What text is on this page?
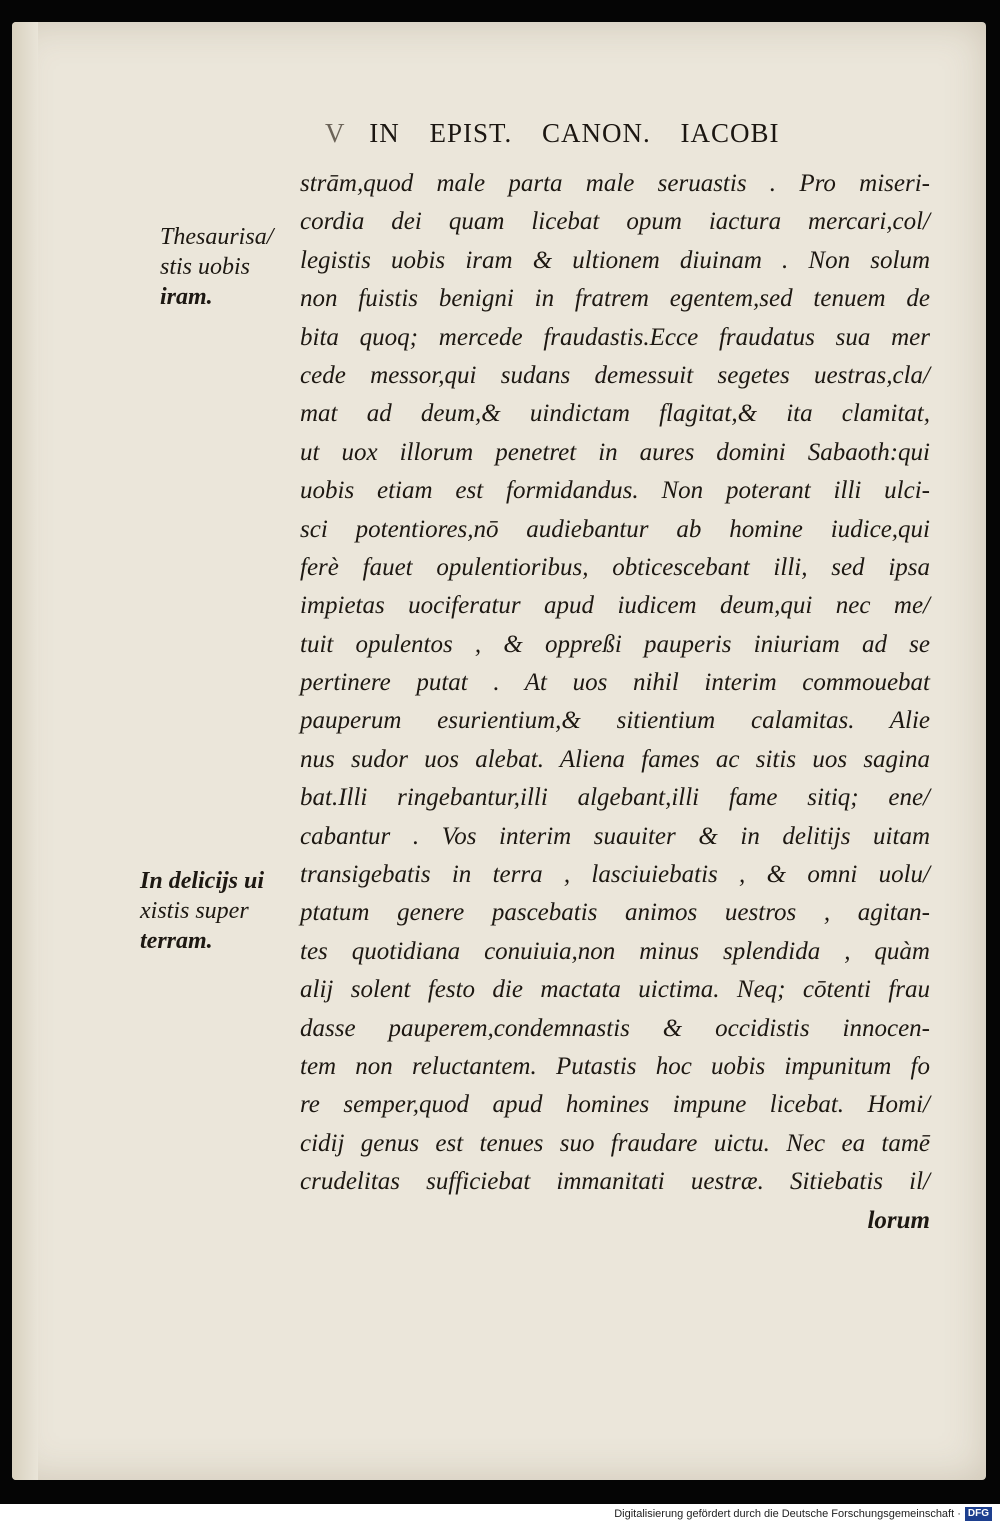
V IN EPIST. CANON. IACOBI
Thesaurisa/
stis uobis
iram.
In delicijs ui
xistis super
terram.
strām,quod male parta male seruastis . Pro miseri-
cordia dei quam licebat opum iactura mercari,col/
legistis uobis iram & ultionem diuinam . Non solum
non fuistis benigni in fratrem egentem,sed tenuem de
bita quoq; mercede fraudastis.Ecce fraudatus sua mer
cede messor,qui sudans demessuit segetes uestras,cla/
mat ad deum,& uindictam flagitat,& ita clamitat,
ut uox illorum penetret in aures domini Sabaoth:qui
uobis etiam est formidandus. Non poterant illi ulci-
sci potentiores,nō audiebantur ab homine iudice,qui
ferè fauet opulentioribus, obticescebant illi, sed ipsa
impietas uociferatur apud iudicem deum,qui nec me/
tuit opulentos , & oppreßi pauperis iniuriam ad se
pertinere putat . At uos nihil interim commouebat
pauperum esurientium,& sitientium calamitas. Alie
nus sudor uos alebat. Aliena fames ac sitis uos sagina
bat.Illi ringebantur,illi algebant,illi fame sitiq; ene/
cabantur . Vos interim suauiter & in delitijs uitam
transigebatis in terra , lasciuiebatis , & omni uolu/
ptatum genere pascebatis animos uestros , agitan-
tes quotidiana conuiuia,non minus splendida , quàm
alij solent festo die mactata uictima. Neq; cōtenti frau
dasse pauperem,condemnastis & occidistis innocen-
tem non reluctantem. Putastis hoc uobis impunitum fo
re semper,quod apud homines impune licebat. Homi/
cidij genus est tenues suo fraudare uictu. Nec ea tamē
crudelitas sufficiebat immanitati uestræ. Sitiebatis il/
lorum
Digitalisierung gefördert durch die Deutsche Forschungsgemeinschaft · DFG
